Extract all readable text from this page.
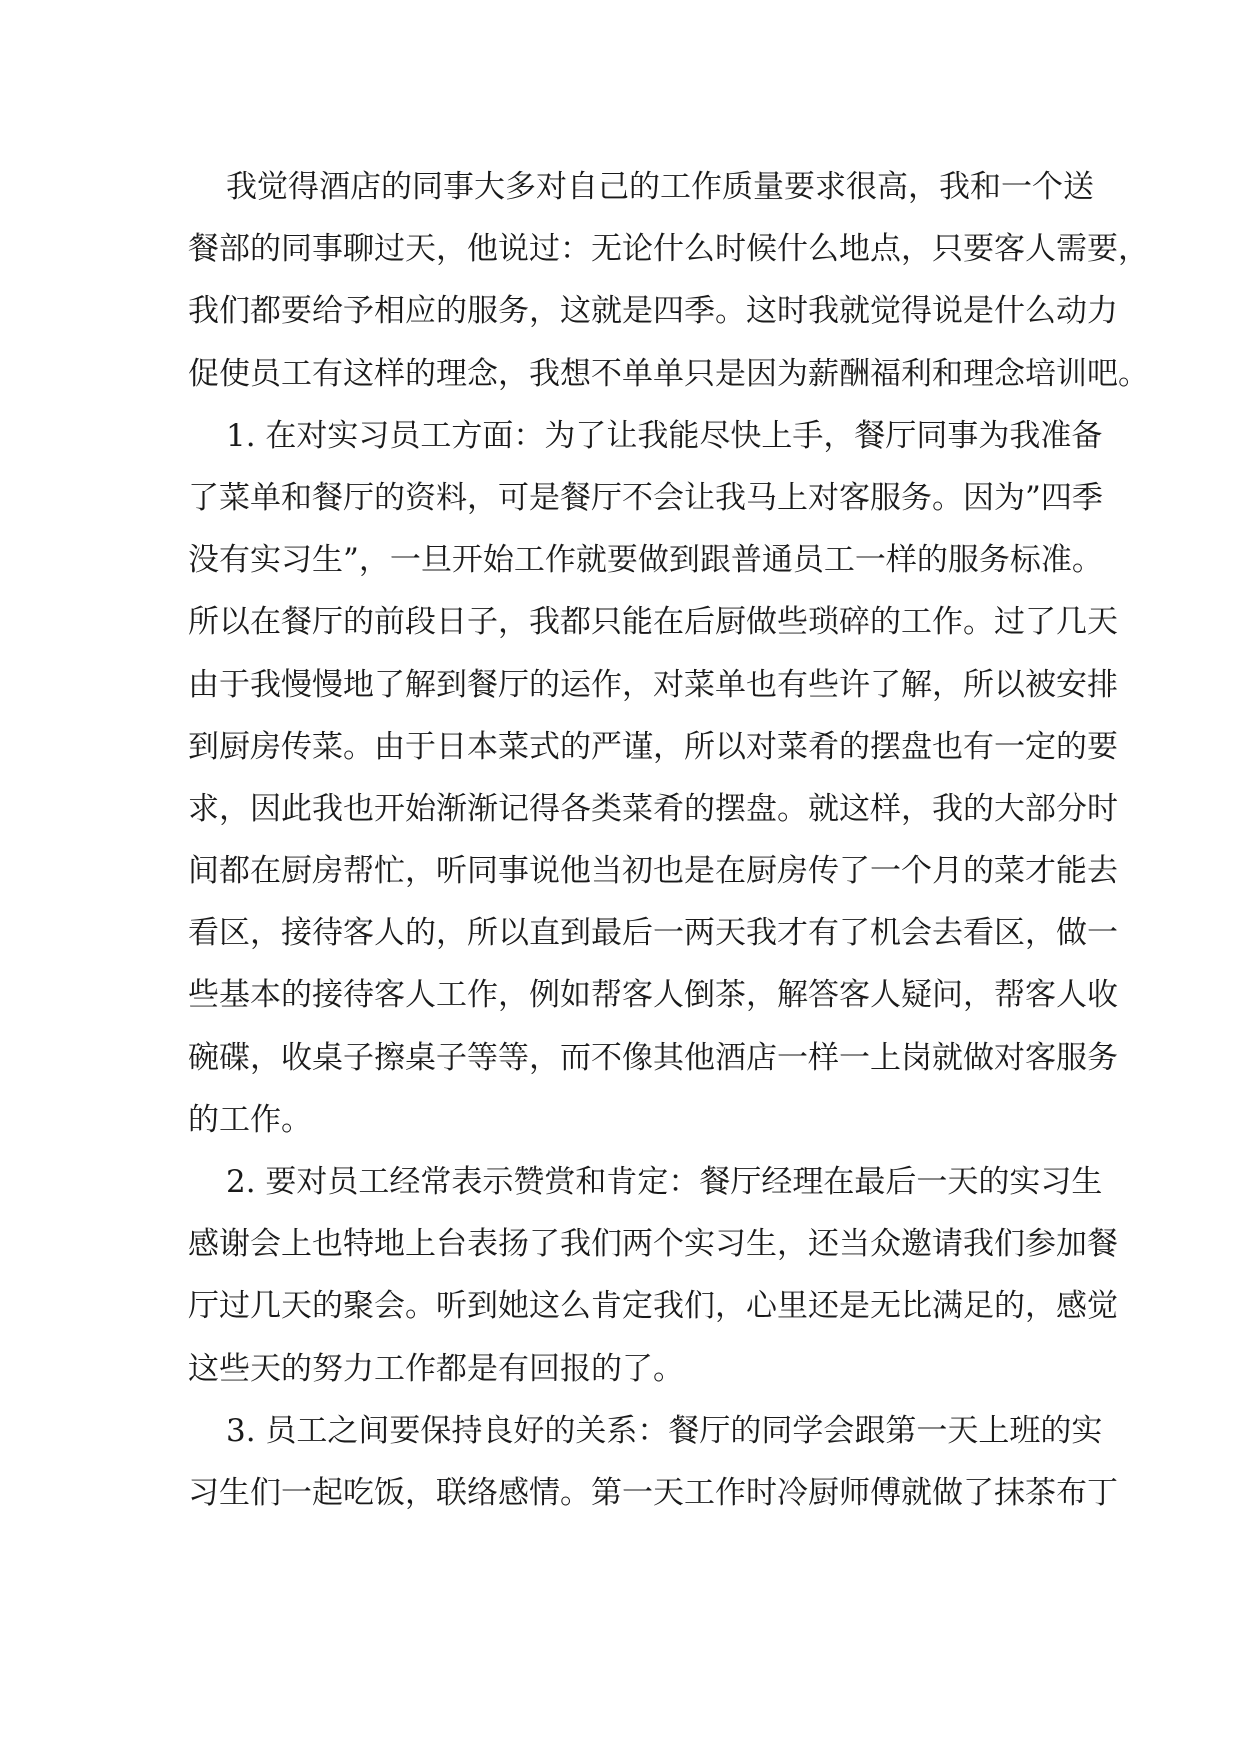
我觉得酒店的同事大多对自己的工作质量要求很高，我和一个送
餐部的同事聊过天，他说过：无论什么时候什么地点，只要客人需要，
我们都要给予相应的服务，这就是四季。这时我就觉得说是什么动力
促使员工有这样的理念，我想不单单只是因为薪酬福利和理念培训吧。
1. 在对实习员工方面：为了让我能尽快上手，餐厅同事为我准备
了菜单和餐厅的资料，可是餐厅不会让我马上对客服务。因为”四季
没有实习生”，一旦开始工作就要做到跟普通员工一样的服务标准。
所以在餐厅的前段日子，我都只能在后厨做些琐碎的工作。过了几天
由于我慢慢地了解到餐厅的运作，对菜单也有些许了解，所以被安排
到厨房传菜。由于日本菜式的严谨，所以对菜肴的摆盘也有一定的要
求，因此我也开始渐渐记得各类菜肴的摆盘。就这样，我的大部分时
间都在厨房帮忙，听同事说他当初也是在厨房传了一个月的菜才能去
看区，接待客人的，所以直到最后一两天我才有了机会去看区，做一
些基本的接待客人工作，例如帮客人倒茶，解答客人疑问，帮客人收
碗碟，收桌子擦桌子等等，而不像其他酒店一样一上岗就做对客服务
的工作。
2. 要对员工经常表示赞赏和肯定：餐厅经理在最后一天的实习生
感谢会上也特地上台表扬了我们两个实习生，还当众邀请我们参加餐
厅过几天的聚会。听到她这么肯定我们，心里还是无比满足的，感觉
这些天的努力工作都是有回报的了。
3. 员工之间要保持良好的关系：餐厅的同学会跟第一天上班的实
习生们一起吃饭，联络感情。第一天工作时冷厨师傅就做了抹茶布丁
